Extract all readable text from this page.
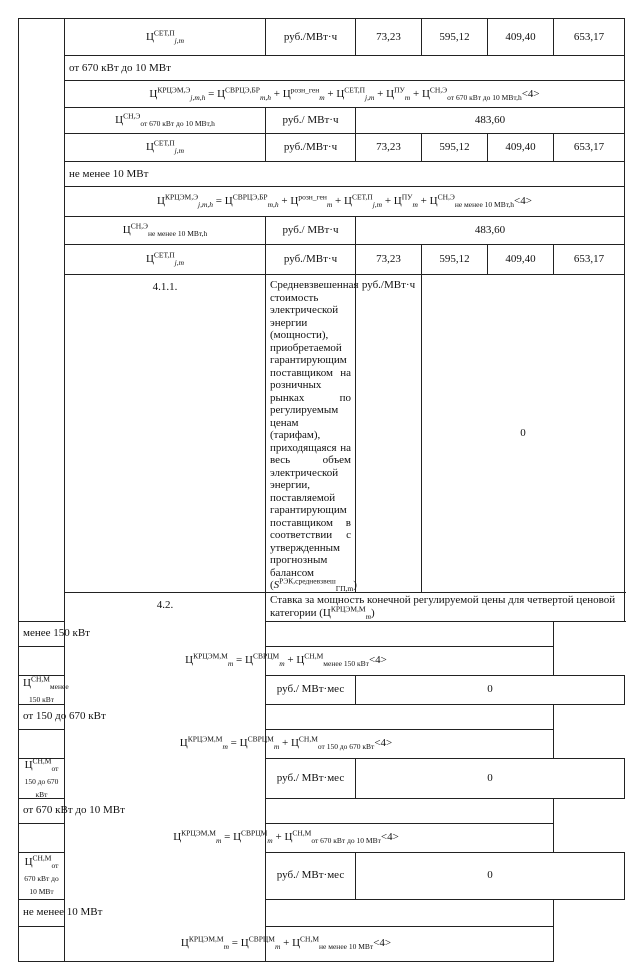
	$Ц^{СЕТ,П}_{j,m}$	руб./МВт·ч	73,23	595,12	409,40	653,17
	от 670 кВт до 10 МВт					
	$Ц^{КРЦЭМ,Э}_{j,m,h} = Ц^{СВРЦЭ,БР}_{m,h} + Ц^{розн\_ген}_m + Ц^{СЕТ,П}_{j,m} + Ц^{ПУ}_m + Ц^{СН,Э}_{от 670 кВт до 10 МВт,h}<4>$					
	$Ц^{СН,Э}_{от 670 кВт до 10 МВт,h}$	руб./ МВт·ч	483,60			
	$Ц^{СЕТ,П}_{j,m}$	руб./МВт·ч	73,23	595,12	409,40	653,17
	не менее 10 МВт					
	$Ц^{КРЦЭМ,Э}_{j,m,h} = Ц^{СВРЦЭ,БР}_{m,h} + Ц^{розн\_ген}_m + Ц^{СЕТ,П}_{j,m} + Ц^{ПУ}_m + Ц^{СН,Э}_{не менее 10 МВт,h}<4>$					
	$Ц^{СН,Э}_{не менее 10 МВт,h}$	руб./ МВт·ч	483,60			
	$Ц^{СЕТ,П}_{j,m}$	руб./МВт·ч	73,23	595,12	409,40	653,17
	4.1.1.	Средневзвешенная стоимость электрической энергии (мощности), приобретаемой гарантирующим поставщиком на розничных рынках по регулируемым ценам (тарифам), приходящаяся на весь объем электрической энергии, поставляемой гарантирующим поставщиком в соответствии с утвержденным прогнозным балансом $(S^{РЭК,средневзвеш}_{ГП,m})$	руб./МВт·ч	0		
	4.2.	Ставка за мощность конечной регулируемой цены для четвертой ценовой категории $(Ц^{КРЦЭМ,М}_m)$				
менее 150 кВт						
$Ц^{КРЦЭМ,М}_m = Ц^{СВРЦМ}_m + Ц^{СН,М}_{менее 150 кВт}<4>$						
$Ц^{СН,М}_{менее 150 кВт}$		руб./ МВт·мес	0			
от 150 до 670 кВт						
$Ц^{КРЦЭМ,М}_m = Ц^{СВРЦМ}_m + Ц^{СН,М}_{от 150 до 670 кВт}<4>$						
$Ц^{СН,М}_{от 150 до 670 кВт}$		руб./ МВт·мес	0			
от 670 кВт до 10 МВт						
$Ц^{КРЦЭМ,М}_m = Ц^{СВРЦМ}_m + Ц^{СН,М}_{от 670 кВт до 10 МВт}<4>$						
$Ц^{СН,М}_{от 670 кВт до 10 МВт}$		руб./ МВт·мес	0			
не менее 10 МВт						
$Ц^{КРЦЭМ,М}_m = Ц^{СВРЦМ}_m + Ц^{СН,М}_{не менее 10 МВт}<4>$						
